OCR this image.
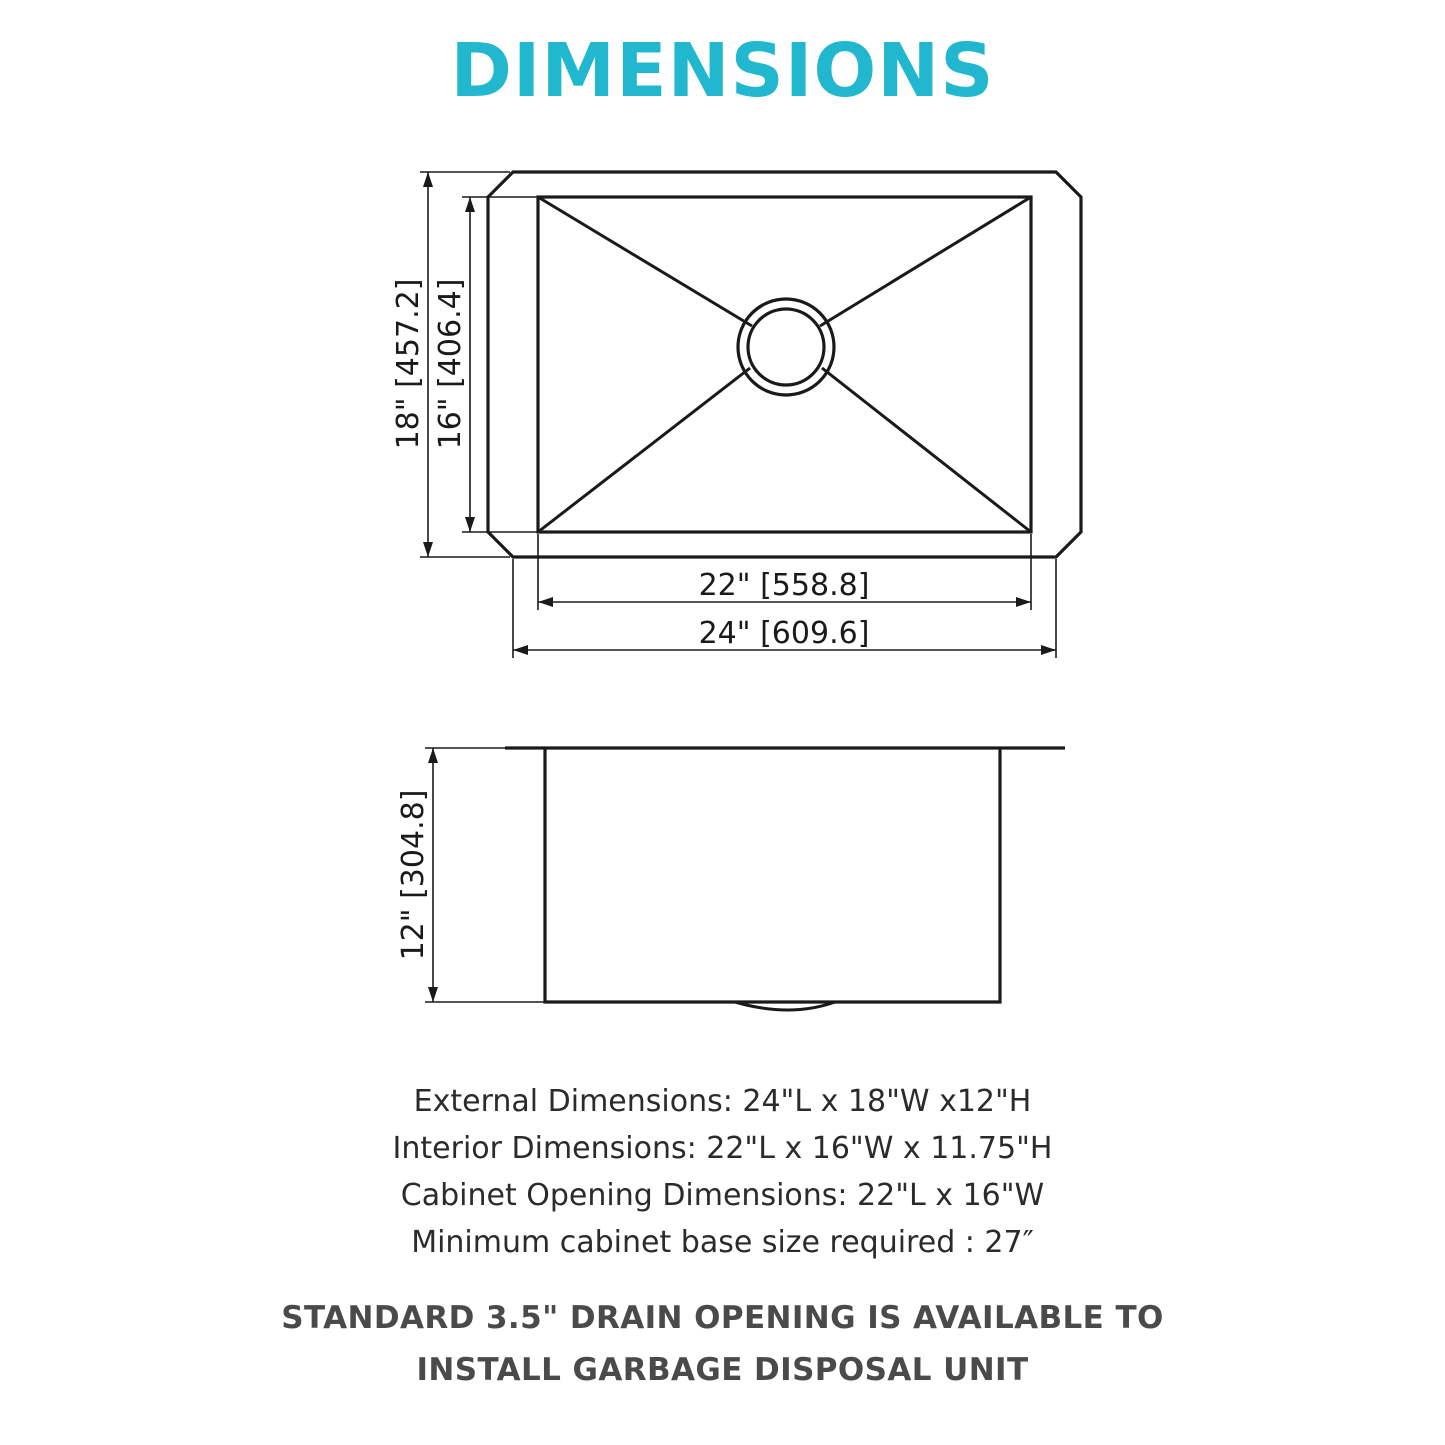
DIMENSIONS
18" [457.2] 16" [406.4]
22" [558.8]
24" [609.6]
12" [304.8]
External Dimensions: 24"L x 18"W x12"H
Interior Dimensions: 22"L x 16"W x 11.75"H
Cabinet Opening Dimensions: 22"L x 16"W
Minimum cabinet base size required : 27″
STANDARD 3.5" DRAIN OPENING IS AVAILABLE TO
INSTALL GARBAGE DISPOSAL UNIT
